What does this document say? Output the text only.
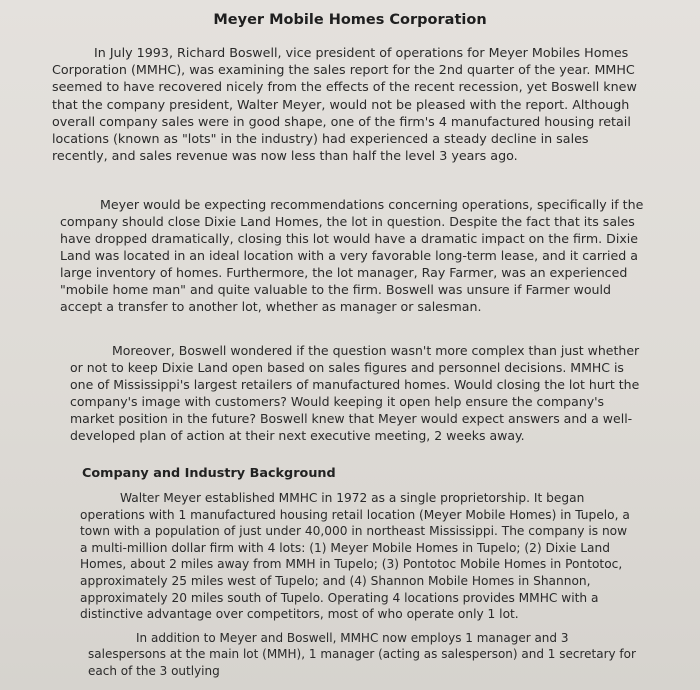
Meyer Mobile Homes Corporation

In July 1993, Richard Boswell, vice president of operations for Meyer Mobiles Homes Corporation (MMHC), was examining the sales report for the 2nd quarter of the year. MMHC seemed to have recovered nicely from the effects of the recent recession, yet Boswell knew that the company president, Walter Meyer, would not be pleased with the report. Although overall company sales were in good shape, one of the firm's 4 manufactured housing retail locations (known as "lots" in the industry) had experienced a steady decline in sales recently, and sales revenue was now less than half the level 3 years ago.

Meyer would be expecting recommendations concerning operations, specifically if the company should close Dixie Land Homes, the lot in question. Despite the fact that its sales have dropped dramatically, closing this lot would have a dramatic impact on the firm. Dixie Land was located in an ideal location with a very favorable long-term lease, and it carried a large inventory of homes. Furthermore, the lot manager, Ray Farmer, was an experienced "mobile home man" and quite valuable to the firm. Boswell was unsure if Farmer would accept a transfer to another lot, whether as manager or salesman.

Moreover, Boswell wondered if the question wasn't more complex than just whether or not to keep Dixie Land open based on sales figures and personnel decisions. MMHC is one of Mississippi's largest retailers of manufactured homes. Would closing the lot hurt the company's image with customers? Would keeping it open help ensure the company's market position in the future? Boswell knew that Meyer would expect answers and a well-developed plan of action at their next executive meeting, 2 weeks away.

Company and Industry Background

Walter Meyer established MMHC in 1972 as a single proprietorship. It began operations with 1 manufactured housing retail location (Meyer Mobile Homes) in Tupelo, a town with a population of just under 40,000 in northeast Mississippi. The company is now a multi-million dollar firm with 4 lots: (1) Meyer Mobile Homes in Tupelo; (2) Dixie Land Homes, about 2 miles away from MMH in Tupelo; (3) Pontotoc Mobile Homes in Pontotoc, approximately 25 miles west of Tupelo; and (4) Shannon Mobile Homes in Shannon, approximately 20 miles south of Tupelo. Operating 4 locations provides MMHC with a distinctive advantage over competitors, most of who operate only 1 lot.

In addition to Meyer and Boswell, MMHC now employs 1 manager and 3 salespersons at the main lot (MMH), 1 manager (acting as salesperson) and 1 secretary for each of the 3 outlying
